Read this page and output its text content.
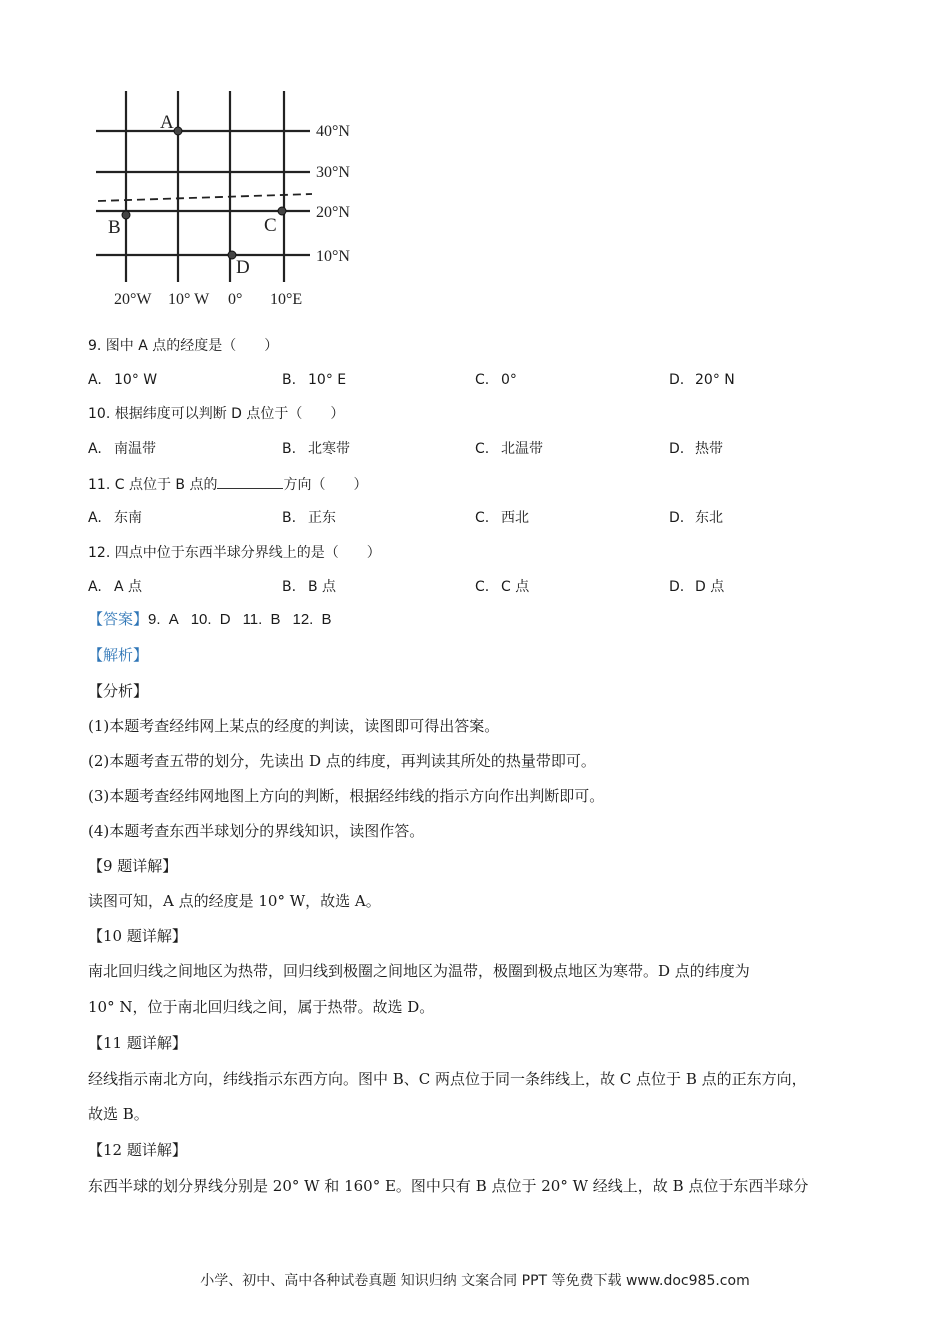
A
B	C
D
40°N
30°N
20°N
10°N
20°W 10° W 0° 10°E
9. 图中 A 点的经度是（　　）
A. 10° W	B. 10° E	C. 0°	D. 20° N
10. 根据纬度可以判断 D 点位于（　　）
A. 南温带	B. 北寒带	C. 北温带	D. 热带
11. C 点位于 B 点的	方向（　　）
A. 东南	B. 正东	C. 西北	D. 东北
12. 四点中位于东西半球分界线上的是（　　）
A. A 点	B. B 点	C. C 点	D. D 点
【答案】9. A 10. D 11. B 12. B
【解析】
【分析】
(1)本题考查经纬网上某点的经度的判读，读图即可得出答案。
(2)本题考查五带的划分，先读出 D 点的纬度，再判读其所处的热量带即可。
(3)本题考查经纬网地图上方向的判断，根据经纬线的指示方向作出判断即可。
(4)本题考查东西半球划分的界线知识，读图作答。
【9 题详解】
读图可知，A 点的经度是 10° W，故选 A。
【10 题详解】
南北回归线之间地区为热带，回归线到极圈之间地区为温带，极圈到极点地区为寒带。D 点的纬度为
10° N，位于南北回归线之间，属于热带。故选 D。
【11 题详解】
经线指示南北方向，纬线指示东西方向。图中 B、C 两点位于同一条纬线上，故 C 点位于 B 点的正东方向，
故选 B。
【12 题详解】
东西半球的划分界线分别是 20° W 和 160° E。图中只有 B 点位于 20° W 经线上，故 B 点位于东西半球分
小学、初中、高中各种试卷真题 知识归纳 文案合同 PPT 等免费下载 www.doc985.com
